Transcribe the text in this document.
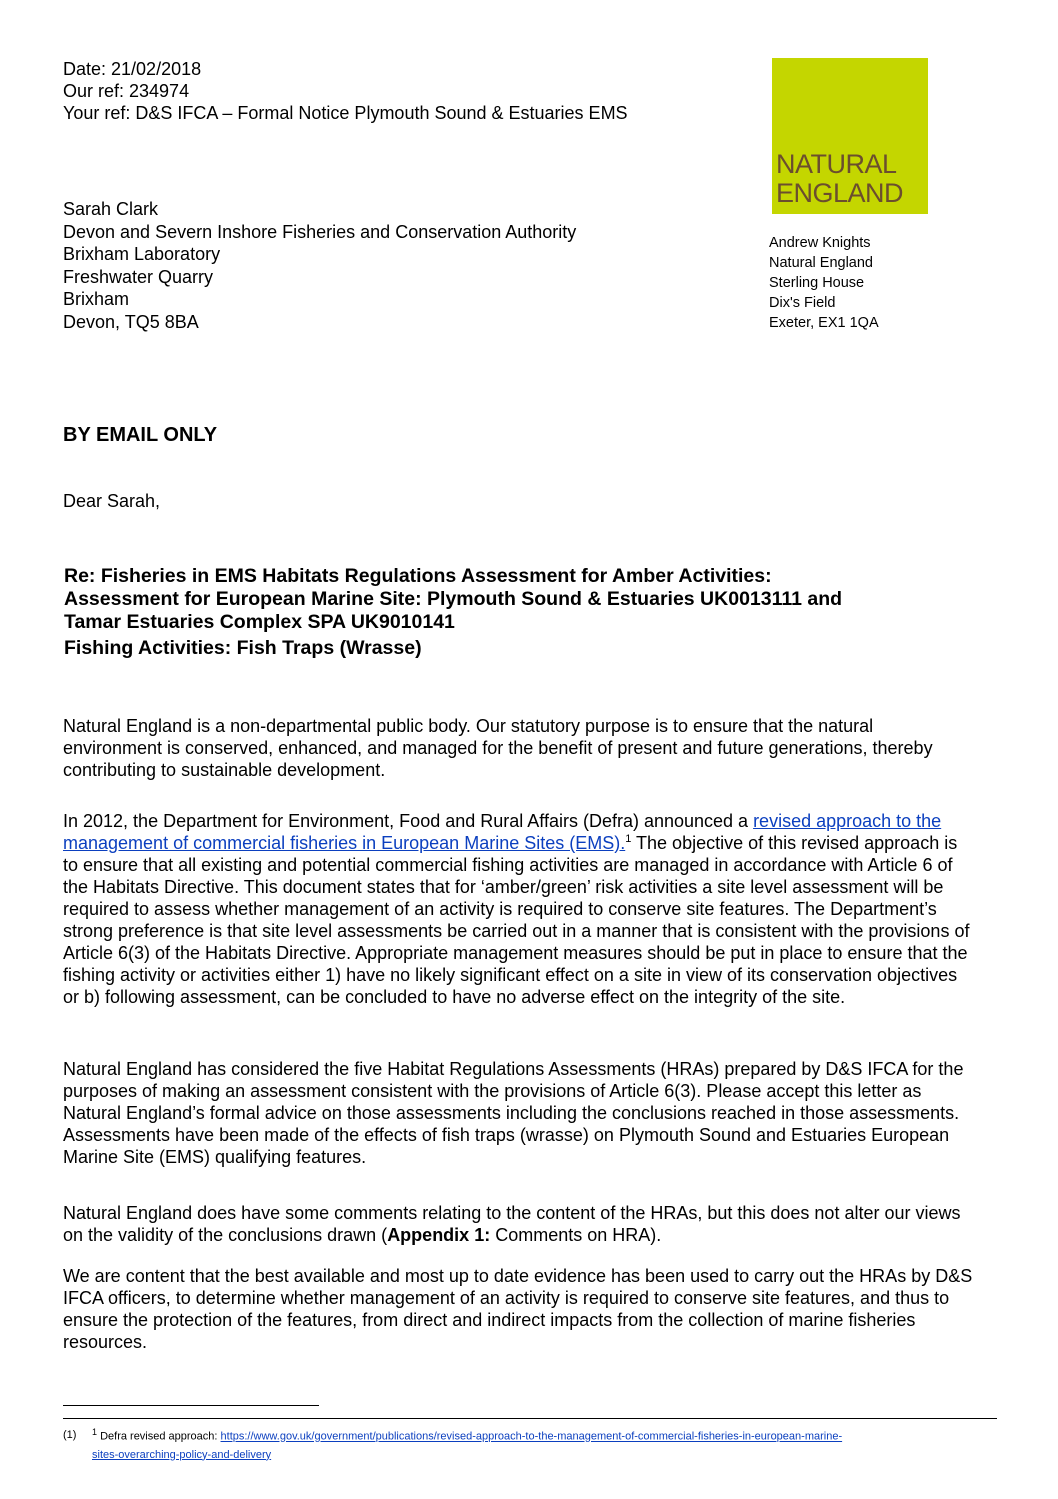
Date: 21/02/2018
Our ref: 234974
Your ref: D&S IFCA – Formal Notice Plymouth Sound & Estuaries EMS
NATURAL
ENGLAND
Sarah Clark
Devon and Severn Inshore Fisheries and Conservation Authority
Brixham Laboratory
Freshwater Quarry
Brixham
Devon, TQ5 8BA
Andrew Knights
Natural England
Sterling House
Dix's Field
Exeter, EX1 1QA
BY EMAIL ONLY
Dear Sarah,
Re: Fisheries in EMS Habitats Regulations Assessment for Amber Activities:
Assessment for European Marine Site: Plymouth Sound & Estuaries UK0013111 and
Tamar Estuaries Complex SPA UK9010141
Fishing Activities: Fish Traps (Wrasse)

Natural England is a non-departmental public body. Our statutory purpose is to ensure that the natural environment is conserved, enhanced, and managed for the benefit of present and future generations, thereby contributing to sustainable development.

In 2012, the Department for Environment, Food and Rural Affairs (Defra) announced a revised approach to the management of commercial fisheries in European Marine Sites (EMS).$^1$ The objective of this revised approach is to ensure that all existing and potential commercial fishing activities are managed in accordance with Article 6 of the Habitats Directive. This document states that for ‘amber/green’ risk activities a site level assessment will be required to assess whether management of an activity is required to conserve site features. The Department’s strong preference is that site level assessments be carried out in a manner that is consistent with the provisions of Article 6(3) of the Habitats Directive. Appropriate management measures should be put in place to ensure that the fishing activity or activities either 1) have no likely significant effect on a site in view of its conservation objectives or b) following assessment, can be concluded to have no adverse effect on the integrity of the site.

Natural England has considered the five Habitat Regulations Assessments (HRAs) prepared by D&S IFCA for the purposes of making an assessment consistent with the provisions of Article 6(3). Please accept this letter as Natural England’s formal advice on those assessments including the conclusions reached in those assessments. Assessments have been made of the effects of fish traps (wrasse) on Plymouth Sound and Estuaries European Marine Site (EMS) qualifying features.

Natural England does have some comments relating to the content of the HRAs, but this does not alter our views on the validity of the conclusions drawn (Appendix 1: Comments on HRA).

We are content that the best available and most up to date evidence has been used to carry out the HRAs by D&S IFCA officers, to determine whether management of an activity is required to conserve site features, and thus to ensure the protection of the features, from direct and indirect impacts from the collection of marine fisheries resources.

(1) $^1$ Defra revised approach: https://www.gov.uk/government/publications/revised-approach-to-the-management-of-commercial-fisheries-in-european-marine-
sites-overarching-policy-and-delivery
